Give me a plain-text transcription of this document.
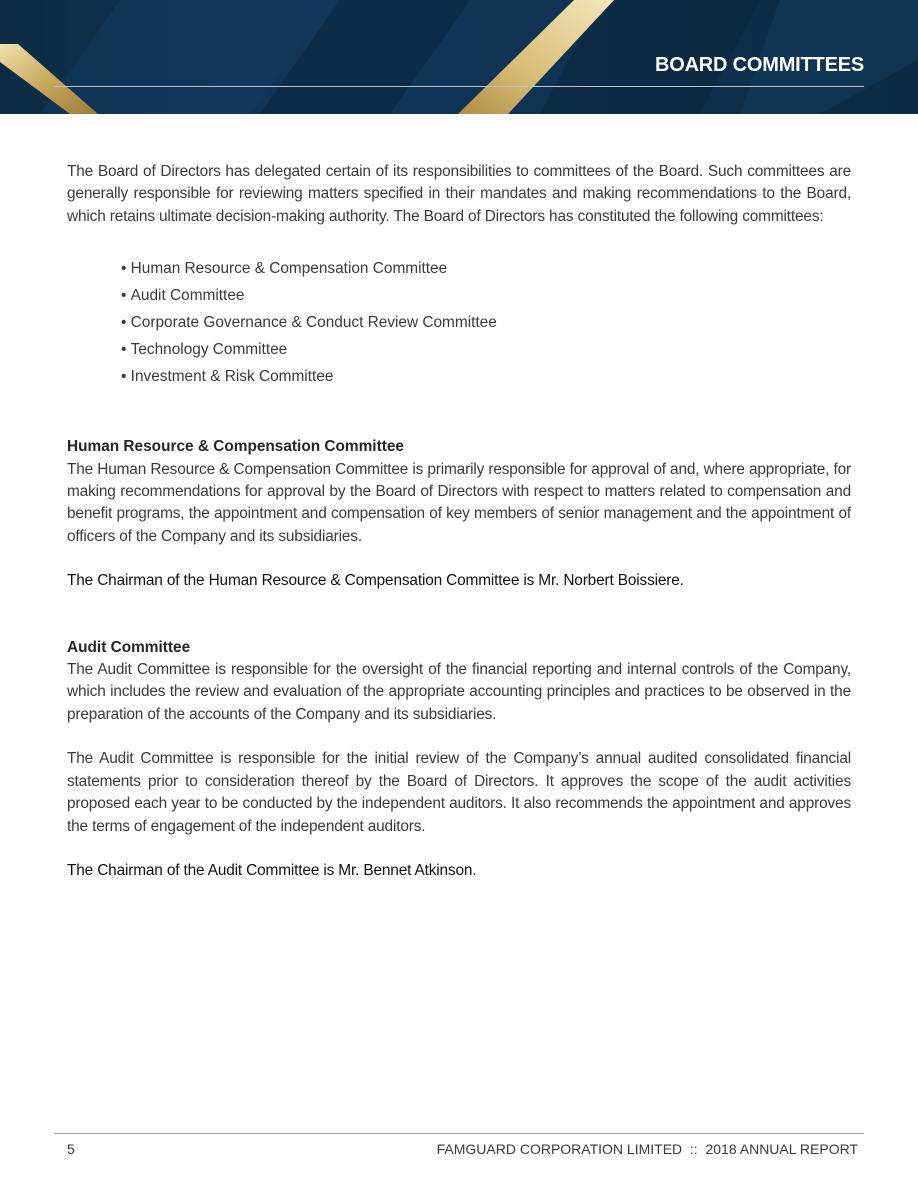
BOARD COMMITTEES

The Board of Directors has delegated certain of its responsibilities to committees of the Board. Such committees are generally responsible for reviewing matters specified in their mandates and making recommendations to the Board, which retains ultimate decision-making authority. The Board of Directors has constituted the following committees:

• Human Resource & Compensation Committee
• Audit Committee
• Corporate Governance & Conduct Review Committee
• Technology Committee
• Investment & Risk Committee
Human Resource & Compensation Committee

The Human Resource & Compensation Committee is primarily responsible for approval of and, where appropriate, for making recommendations for approval by the Board of Directors with respect to matters related to compensation and benefit programs, the appointment and compensation of key members of senior management and the appointment of officers of the Company and its subsidiaries.

The Chairman of the Human Resource & Compensation Committee is Mr. Norbert Boissiere.

Audit Committee

The Audit Committee is responsible for the oversight of the financial reporting and internal controls of the Company, which includes the review and evaluation of the appropriate accounting principles and practices to be observed in the preparation of the accounts of the Company and its subsidiaries.

The Audit Committee is responsible for the initial review of the Company’s annual audited consolidated financial statements prior to consideration thereof by the Board of Directors. It approves the scope of the audit activities proposed each year to be conducted by the independent auditors. It also recommends the appointment and approves the terms of engagement of the independent auditors.

The Chairman of the Audit Committee is Mr. Bennet Atkinson.

5	FAMGUARD CORPORATION LIMITED  ::  2018 ANNUAL REPORT
